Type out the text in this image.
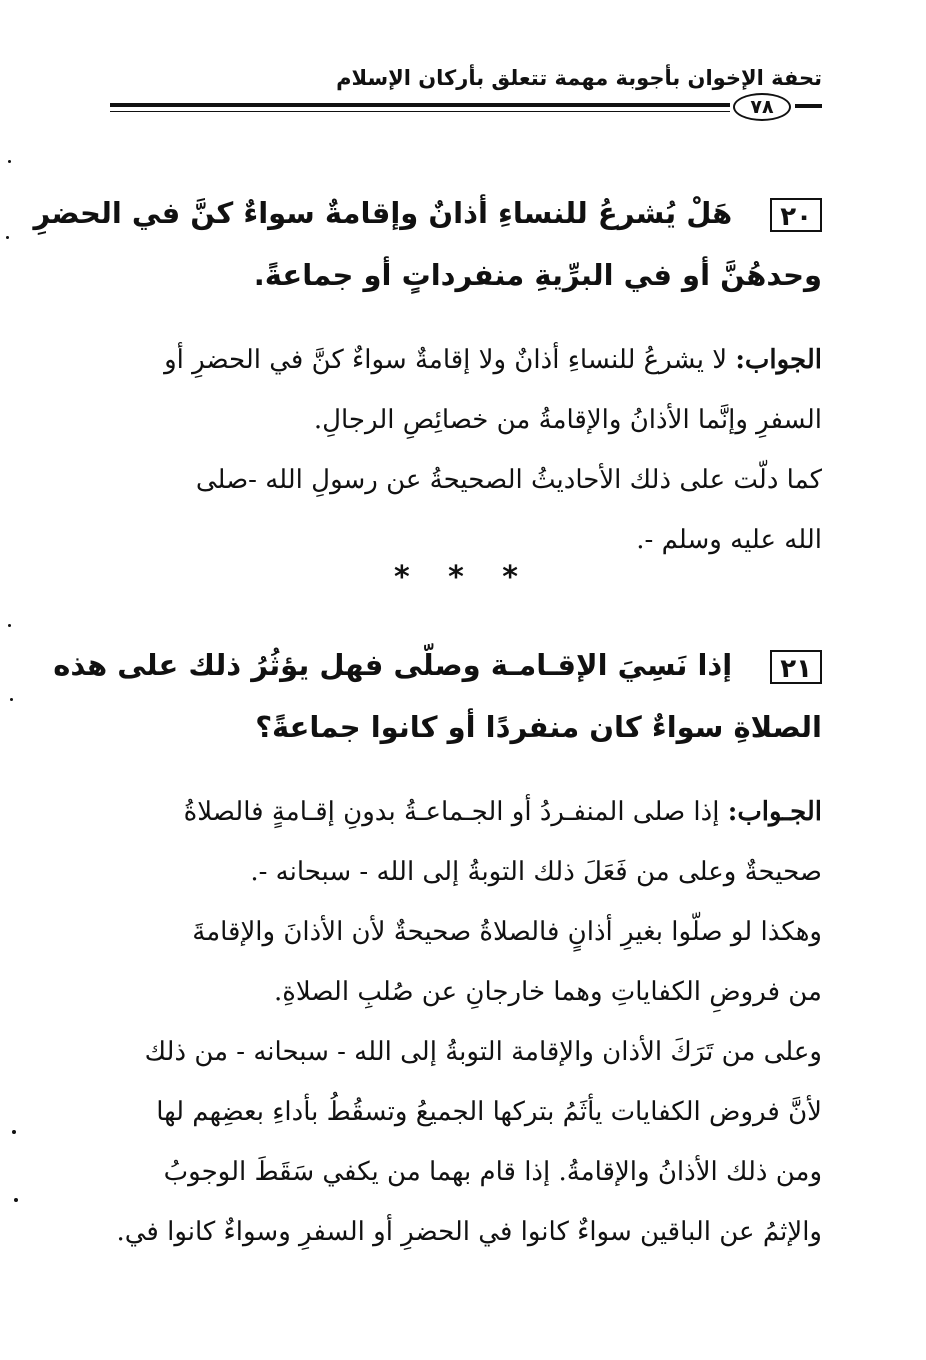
تحفة الإخوان بأجوبة مهمة تتعلق بأركان الإسلام
٧٨
٢٠هَلْ يُشرعُ للنساءِ أذانٌ وإقامةٌ سواءٌ كنَّ في الحضرِ
وحدهُنَّ أو في البرِّيةِ منفرداتٍ أو جماعةً.
الجواب: لا يشرعُ للنساءِ أذانٌ ولا إقامةٌ سواءٌ كنَّ في الحضرِ أو
السفرِ وإنَّما الأذانُ والإقامةُ من خصائِصِ الرجالِ.
كما دلّت على ذلك الأحاديثُ الصحيحةُ عن رسولِ الله -صلى
الله عليه وسلم -.
* * *
٢١إذا نَسِيَ الإقـامـة وصلّى فهل يؤثُرُ ذلك على هذه
الصلاةِ سواءٌ كان منفردًا أو كانوا جماعةً؟
الجـواب: إذا صلى المنفـردُ أو الجـماعـةُ بدونِ إقـامةٍ فالصلاةُ
صحيحةٌ وعلى من فَعَلَ ذلك التوبةُ إلى الله - سبحانه -.
وهكذا لو صلّوا بغيرِ أذانٍ فالصلاةُ صحيحةٌ لأن الأذانَ والإقامةَ
من فروضِ الكفاياتِ وهما خارجانِ عن صُلبِ الصلاةِ.
وعلى من تَرَكَ الأذان والإقامة التوبةُ إلى الله - سبحانه - من ذلك
لأنَّ فروض الكفايات يأثَمُ بتركها الجميعُ وتسقُطُ بأداءِ بعضِهم لها
ومن ذلك الأذانُ والإقامةُ. إذا قام بهما من يكفي سَقَطَ الوجوبُ
والإثمُ عن الباقين سواءٌ كانوا في الحضرِ أو السفرِ وسواءٌ كانوا في.
